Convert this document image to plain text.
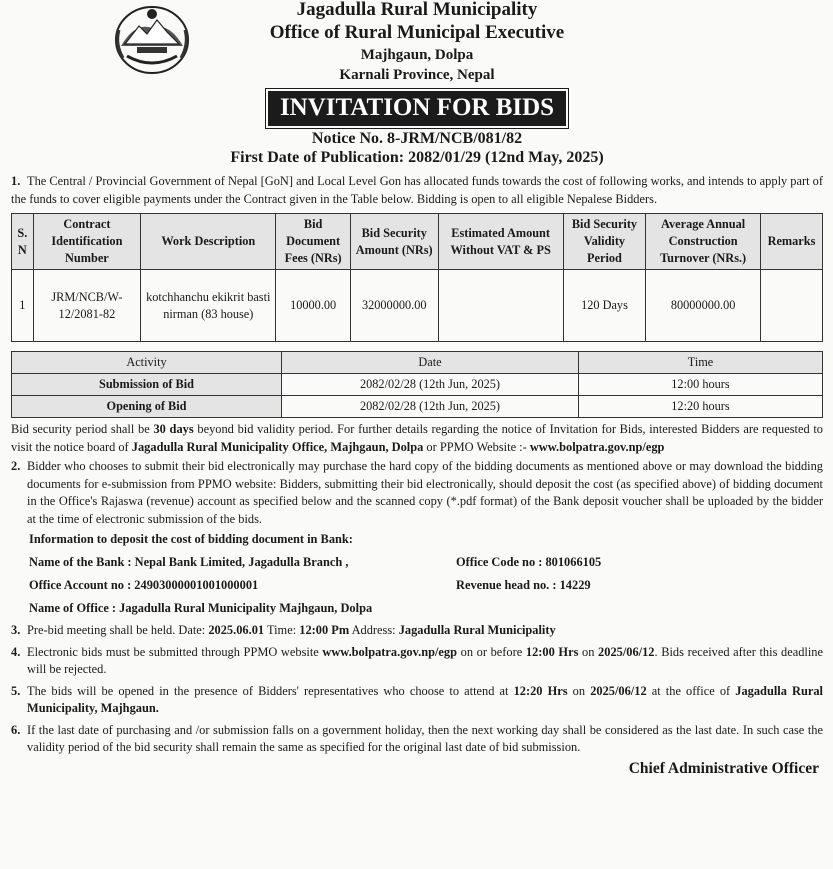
Jagadulla Rural Municipality
Office of Rural Municipal Executive
Majhgaun, Dolpa
Karnali Province, Nepal
INVITATION FOR BIDS
Notice No. 8-JRM/NCB/081/82
First Date of Publication: 2082/01/29 (12nd May, 2025)
1. The Central / Provincial Government of Nepal [GoN] and Local Level Gon has allocated funds towards the cost of following works, and intends to apply part of the funds to cover eligible payments under the Contract given in the Table below. Bidding is open to all eligible Nepalese Bidders.
S. N	Contract Identification Number	Work Description	Bid Document Fees (NRs)	Bid Security Amount (NRs)	Estimated Amount Without VAT & PS	Bid Security Validity Period	Average Annual Construction Turnover (NRs.)	Remarks
1	JRM/NCB/W-12/2081-82	kotchhanchu ekikrit basti nirman (83 house)	10000.00	32000000.00		120 Days	80000000.00	
Activity	Date	Time
Submission of Bid	2082/02/28 (12th Jun, 2025)	12:00 hours
Opening of Bid	2082/02/28 (12th Jun, 2025)	12:20 hours
Bid security period shall be 30 days beyond bid validity period. For further details regarding the notice of Invitation for Bids, interested Bidders are requested to visit the notice board of Jagadulla Rural Municipality Office, Majhgaun, Dolpa or PPMO Website :- www.bolpatra.gov.np/egp
2. Bidder who chooses to submit their bid electronically may purchase the hard copy of the bidding documents as mentioned above or may download the bidding documents for e-submission from PPMO website: Bidders, submitting their bid electronically, should deposit the cost (as specified above) of bidding document in the Office's Rajaswa (revenue) account as specified below and the scanned copy (*.pdf format) of the Bank deposit voucher shall be uploaded by the bidder at the time of electronic submission of the bids.
Information to deposit the cost of bidding document in Bank:
Name of the Bank : Nepal Bank Limited, Jagadulla Branch ,	Office Code no : 801066105
Office Account no : 24903000001001000001	Revenue head no. : 14229
Name of Office : Jagadulla Rural Municipality Majhgaun, Dolpa
3. Pre-bid meeting shall be held. Date: 2025.06.01 Time: 12:00 Pm Address: Jagadulla Rural Municipality
4. Electronic bids must be submitted through PPMO website www.bolpatra.gov.np/egp on or before 12:00 Hrs on 2025/06/12. Bids received after this deadline will be rejected.
5. The bids will be opened in the presence of Bidders' representatives who choose to attend at 12:20 Hrs on 2025/06/12 at the office of Jagadulla Rural Municipality, Majhgaun.
6. If the last date of purchasing and /or submission falls on a government holiday, then the next working day shall be considered as the last date. In such case the validity period of the bid security shall remain the same as specified for the original last date of bid submission.
Chief Administrative Officer
